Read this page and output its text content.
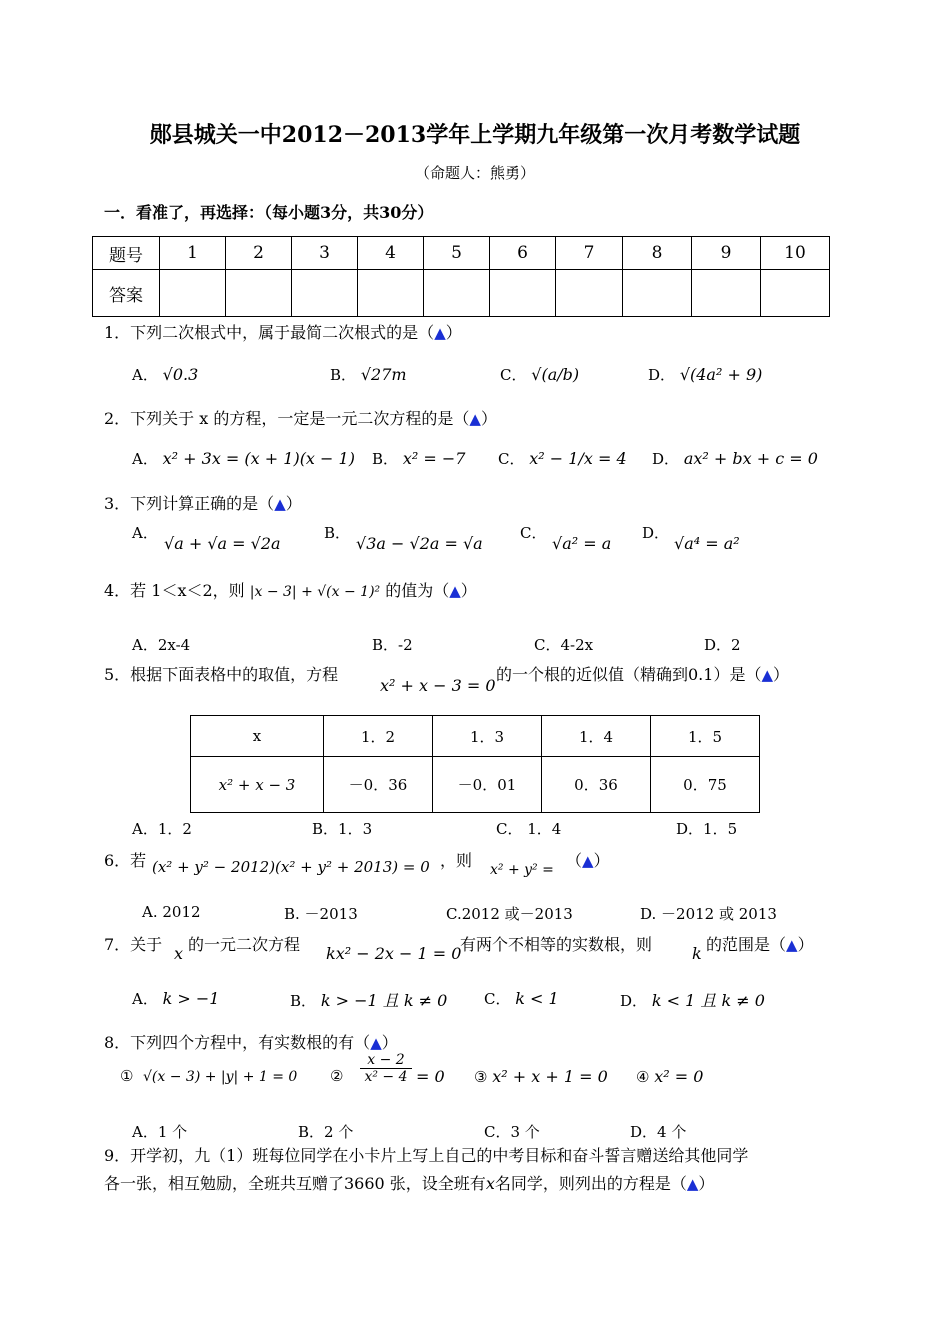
郧县城关一中2012－2013学年上学期九年级第一次月考数学试题
（命题人：熊勇）
一．看准了，再选择：（每小题3分，共30分）
题号	1	2	3	4	5	6	7	8	9	10
答案										
1．下列二次根式中，属于最简二次根式的是（▲）
A． √0.3	B． √27m	C． √(a/b)	D． √(4a² + 9)
2．下列关于 x 的方程，一定是一元二次方程的是（▲）
A． x² + 3x = (x + 1)(x − 1) B． x² = −7 C． x² − 1/x = 4 D． ax² + bx + c = 0
3．下列计算正确的是（▲）
A．
√a + √a = √2a
B．
√3a − √2a = √a
C．
√a² = a
D．
√a⁴ = a²
4．若 1＜x＜2，则 |x − 3| + √(x − 1)² 的值为（▲）
A．2x-4	B．-2	C．4-2x	D．2
5．根据下面表格中的取值，方程
x² + x − 3 = 0
的一个根的近似值（精确到0.1）是（▲）
x	1．2	1．3	1．4	1．5
x² + x − 3	－0．36	－0．01	0．36	0．75
A．1．2	B．1．3	C． 1．4	D．1．5
6．若 (x² + y² − 2012)(x² + y² + 2013) = 0 ，则 x² + y² = （▲）
A. 2012	B. －2013	C.2012 或－2013	D. －2012 或 2013
7．关于 x 的一元二次方程 kx² − 2x − 1 = 0
有两个不相等的实数根，则 k 的范围是（▲）
A． k > −1	B． k > −1 且 k ≠ 0 C． k < 1	D． k < 1 且 k ≠ 0
8．下列四个方程中，有实数根的有（▲）
① √(x − 3) + |y| + 1 = 0 ②
x − 2
x² − 4 = 0 ③ x² + x + 1 = 0 ④ x² = 0
A．1 个	B．2 个	C．3 个	D．4 个
9．开学初，九（1）班每位同学在小卡片上写上自己的中考目标和奋斗誓言赠送给其他同学
各一张，相互勉励，全班共互赠了3660 张，设全班有x名同学，则列出的方程是（▲）
